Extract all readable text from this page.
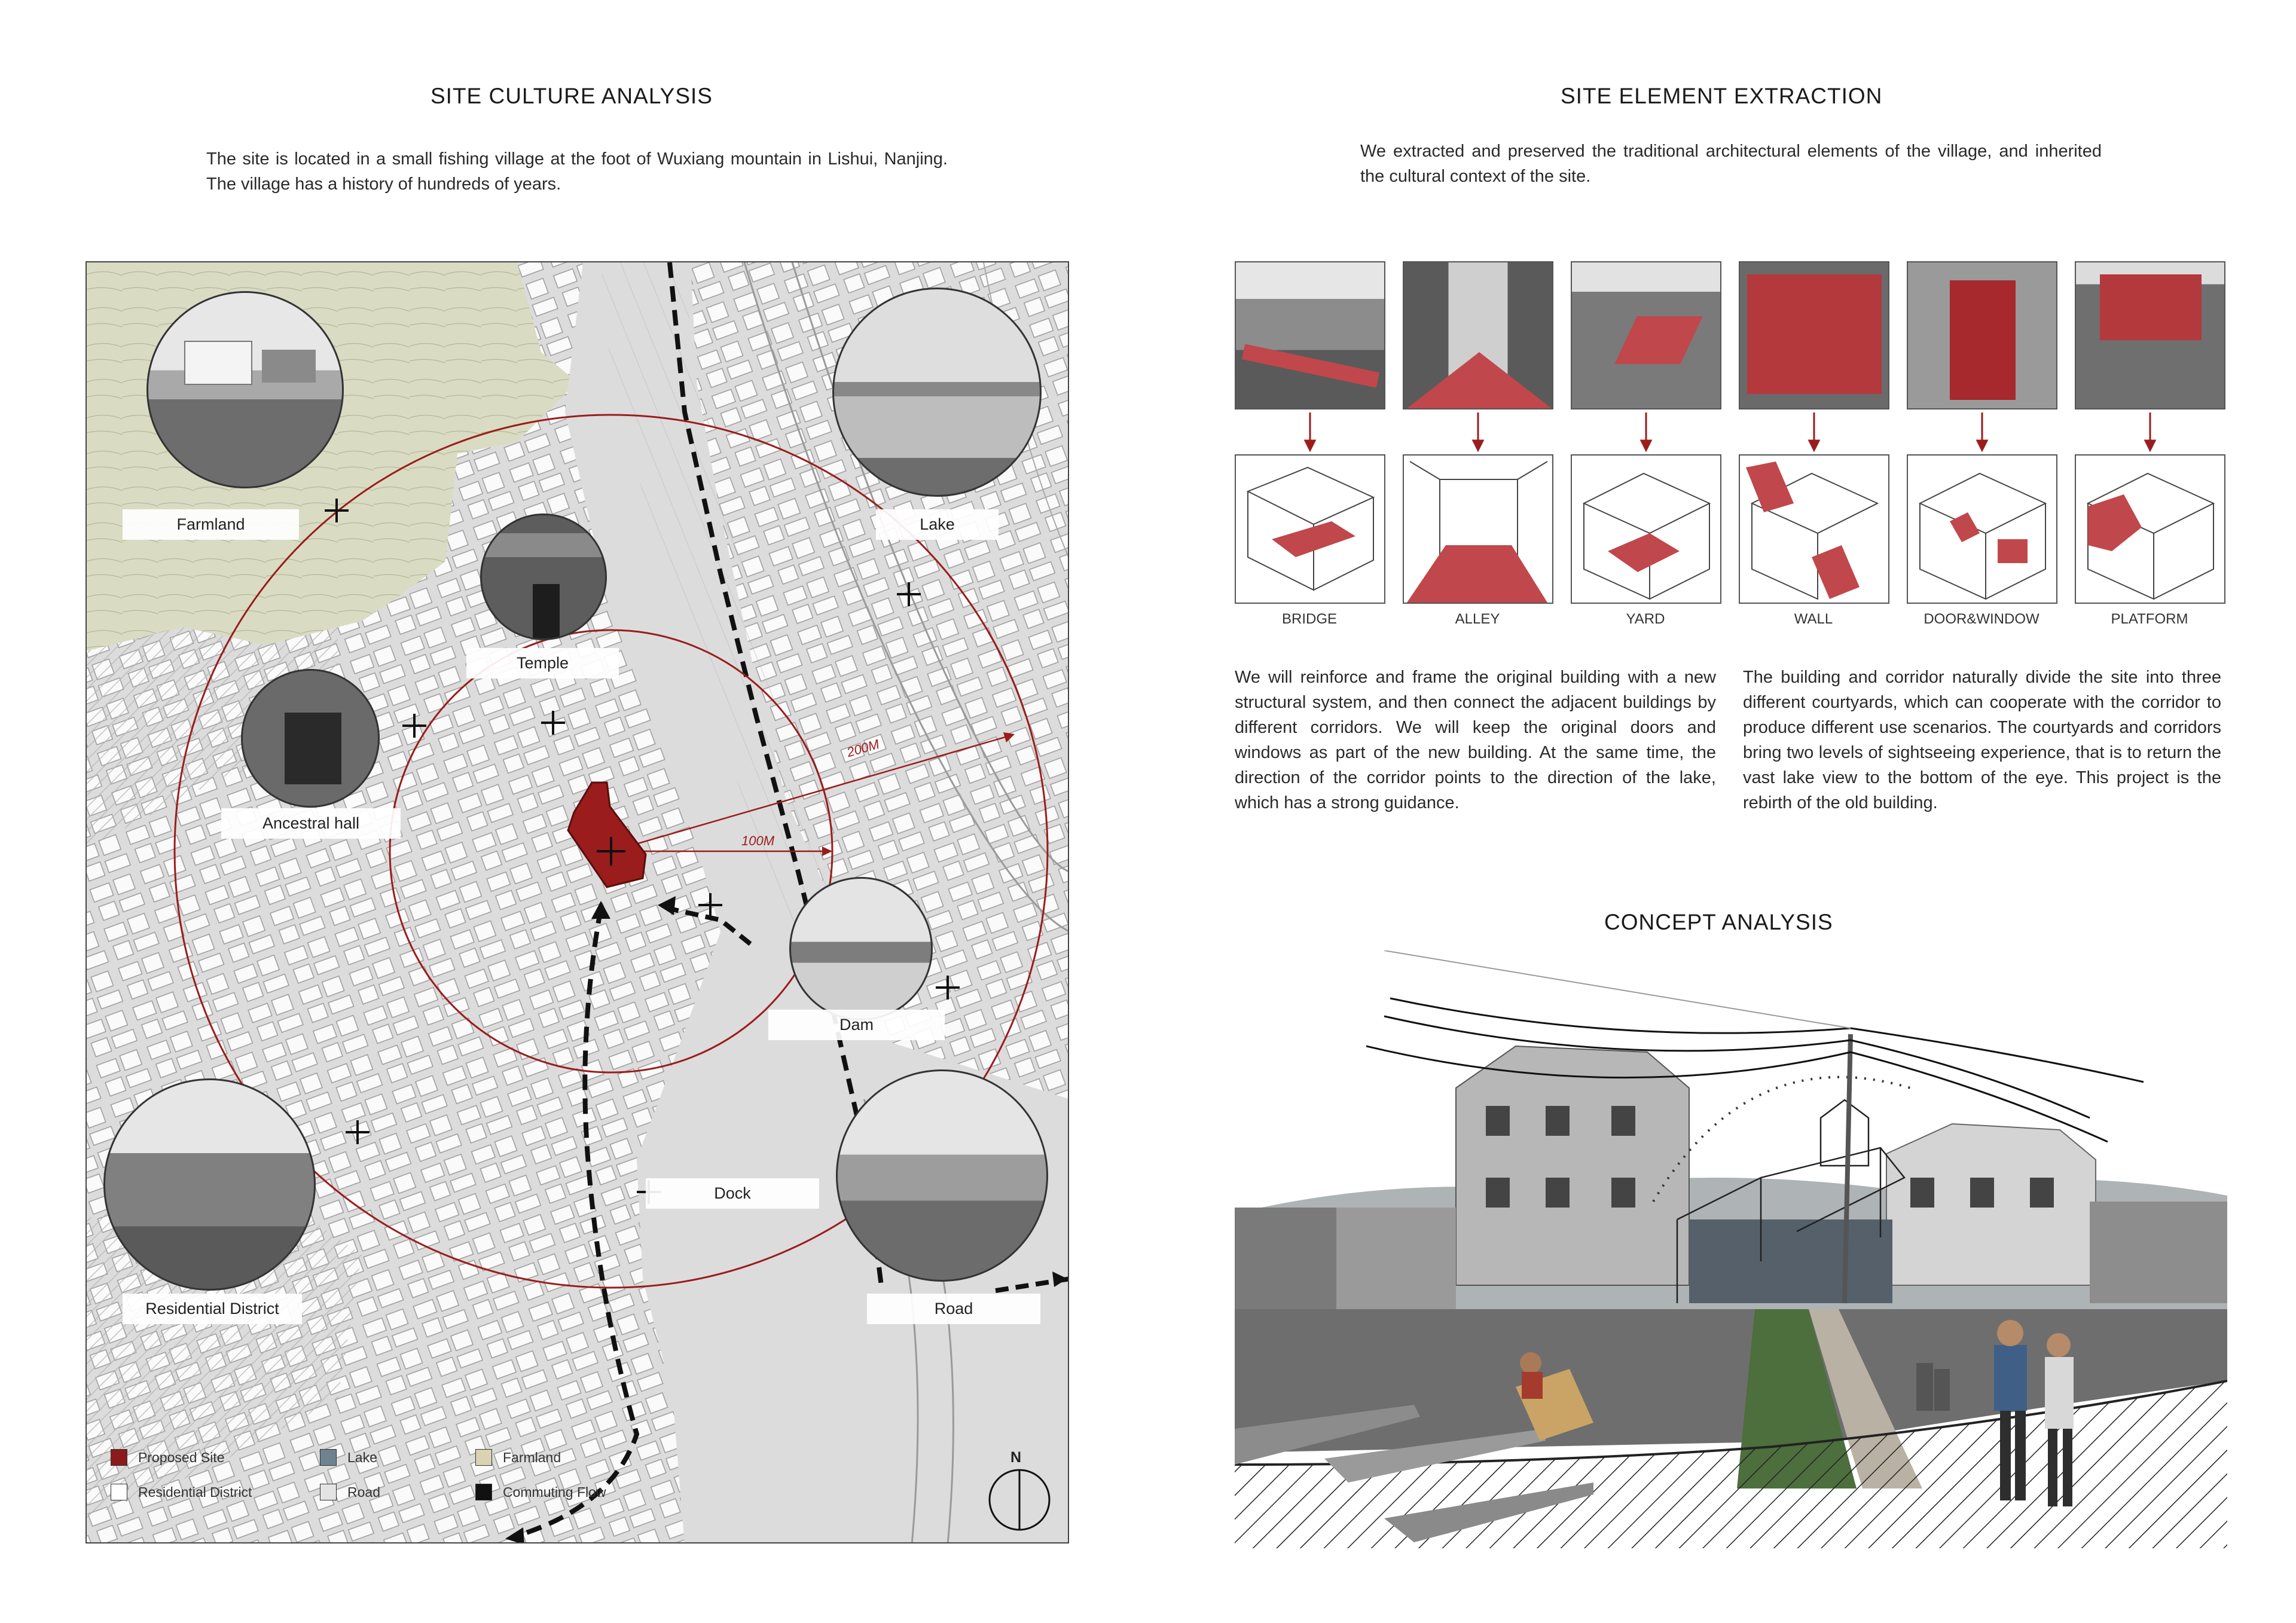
SITE CULTURE ANALYSIS
The site is located in a small fishing village at the foot of Wuxiang mountain in Lishui, Nanjing. The village has a history of hundreds of years.
200M
100M
N
Farmland	Lake
Temple
Ancestral hall
Dam
Dock
Residential District	Road
Proposed Site	Lake	Farmland
Residential District	Road	Commuting Flow
SITE ELEMENT EXTRACTION
We extracted and preserved the traditional architectural elements of the village, and inherited the cultural context of the site.
BRIDGE	ALLEY	YARD	WALL	DOOR&WINDOW	PLATFORM
We will reinforce and frame the original building with a new structural system, and then connect the adjacent buildings by different corridors. We will keep the original doors and windows as part of the new building. At the same time, the direction of the corridor points to the direction of the lake, which has a strong guidance.
The building and corridor naturally divide the site into three different courtyards, which can cooperate with the corridor to produce different use scenarios. The courtyards and corridors bring two levels of sightseeing experience, that is to return the vast lake view to the bottom of the eye. This project is the rebirth of the old building.
CONCEPT ANALYSIS
